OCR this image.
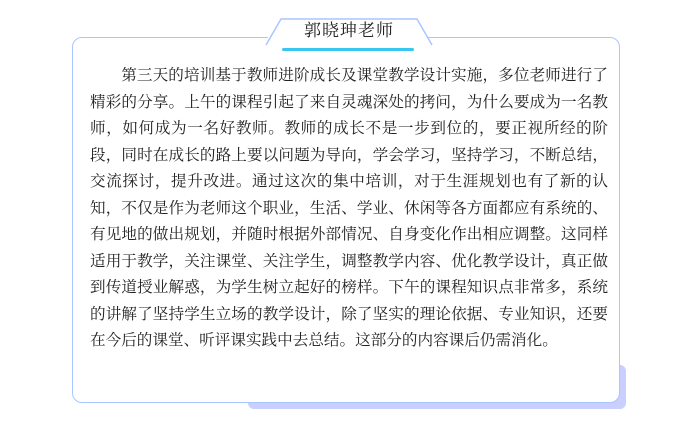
郭晓珅老师

第三天的培训基于教师进阶成长及课堂教学设计实施，多位老师进行了精彩的分享。上午的课程引起了来自灵魂深处的拷问，为什么要成为一名教师，如何成为一名好教师。教师的成长不是一步到位的，要正视所经的阶段，同时在成长的路上要以问题为导向，学会学习，坚持学习，不断总结，交流探讨，提升改进。通过这次的集中培训，对于生涯规划也有了新的认知，不仅是作为老师这个职业，生活、学业、休闲等各方面都应有系统的、有见地的做出规划，并随时根据外部情况、自身变化作出相应调整。这同样适用于教学，关注课堂、关注学生，调整教学内容、优化教学设计，真正做到传道授业解惑，为学生树立起好的榜样。下午的课程知识点非常多，系统的讲解了坚持学生立场的教学设计，除了坚实的理论依据、专业知识，还要在今后的课堂、听评课实践中去总结。这部分的内容课后仍需消化。
